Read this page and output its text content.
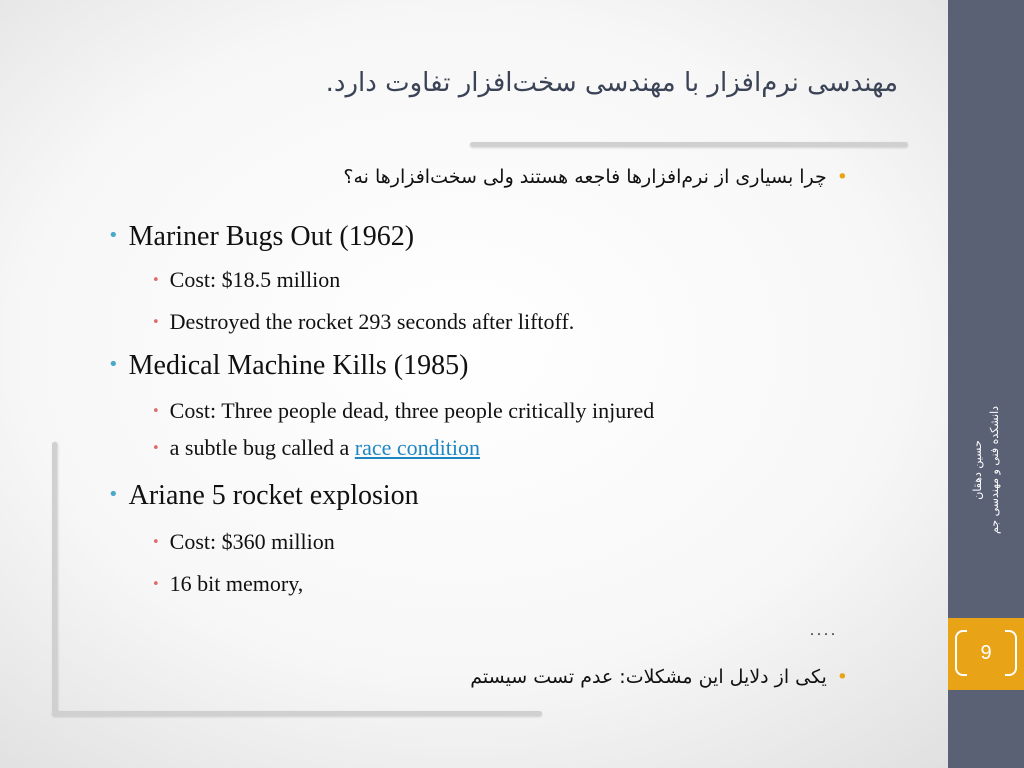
حسین دهقان دانشکده فنی و مهندسی جم
9
مهندسی نرم‌افزار با مهندسی سخت‌افزار تفاوت دارد.
•چرا بسیاری از نرم‌افزارها فاجعه هستند ولی سخت‌افزارها نه؟
• Mariner Bugs Out (1962)
• Cost: $18.5 million
• Destroyed the rocket 293 seconds after liftoff.
• Medical Machine Kills (1985)
• Cost: Three people dead, three people critically injured
• a subtle bug called a race condition
• Ariane 5 rocket explosion
• Cost: $360 million
• 16 bit memory,
....
•یکی از دلایل این مشکلات: عدم تست سیستم
